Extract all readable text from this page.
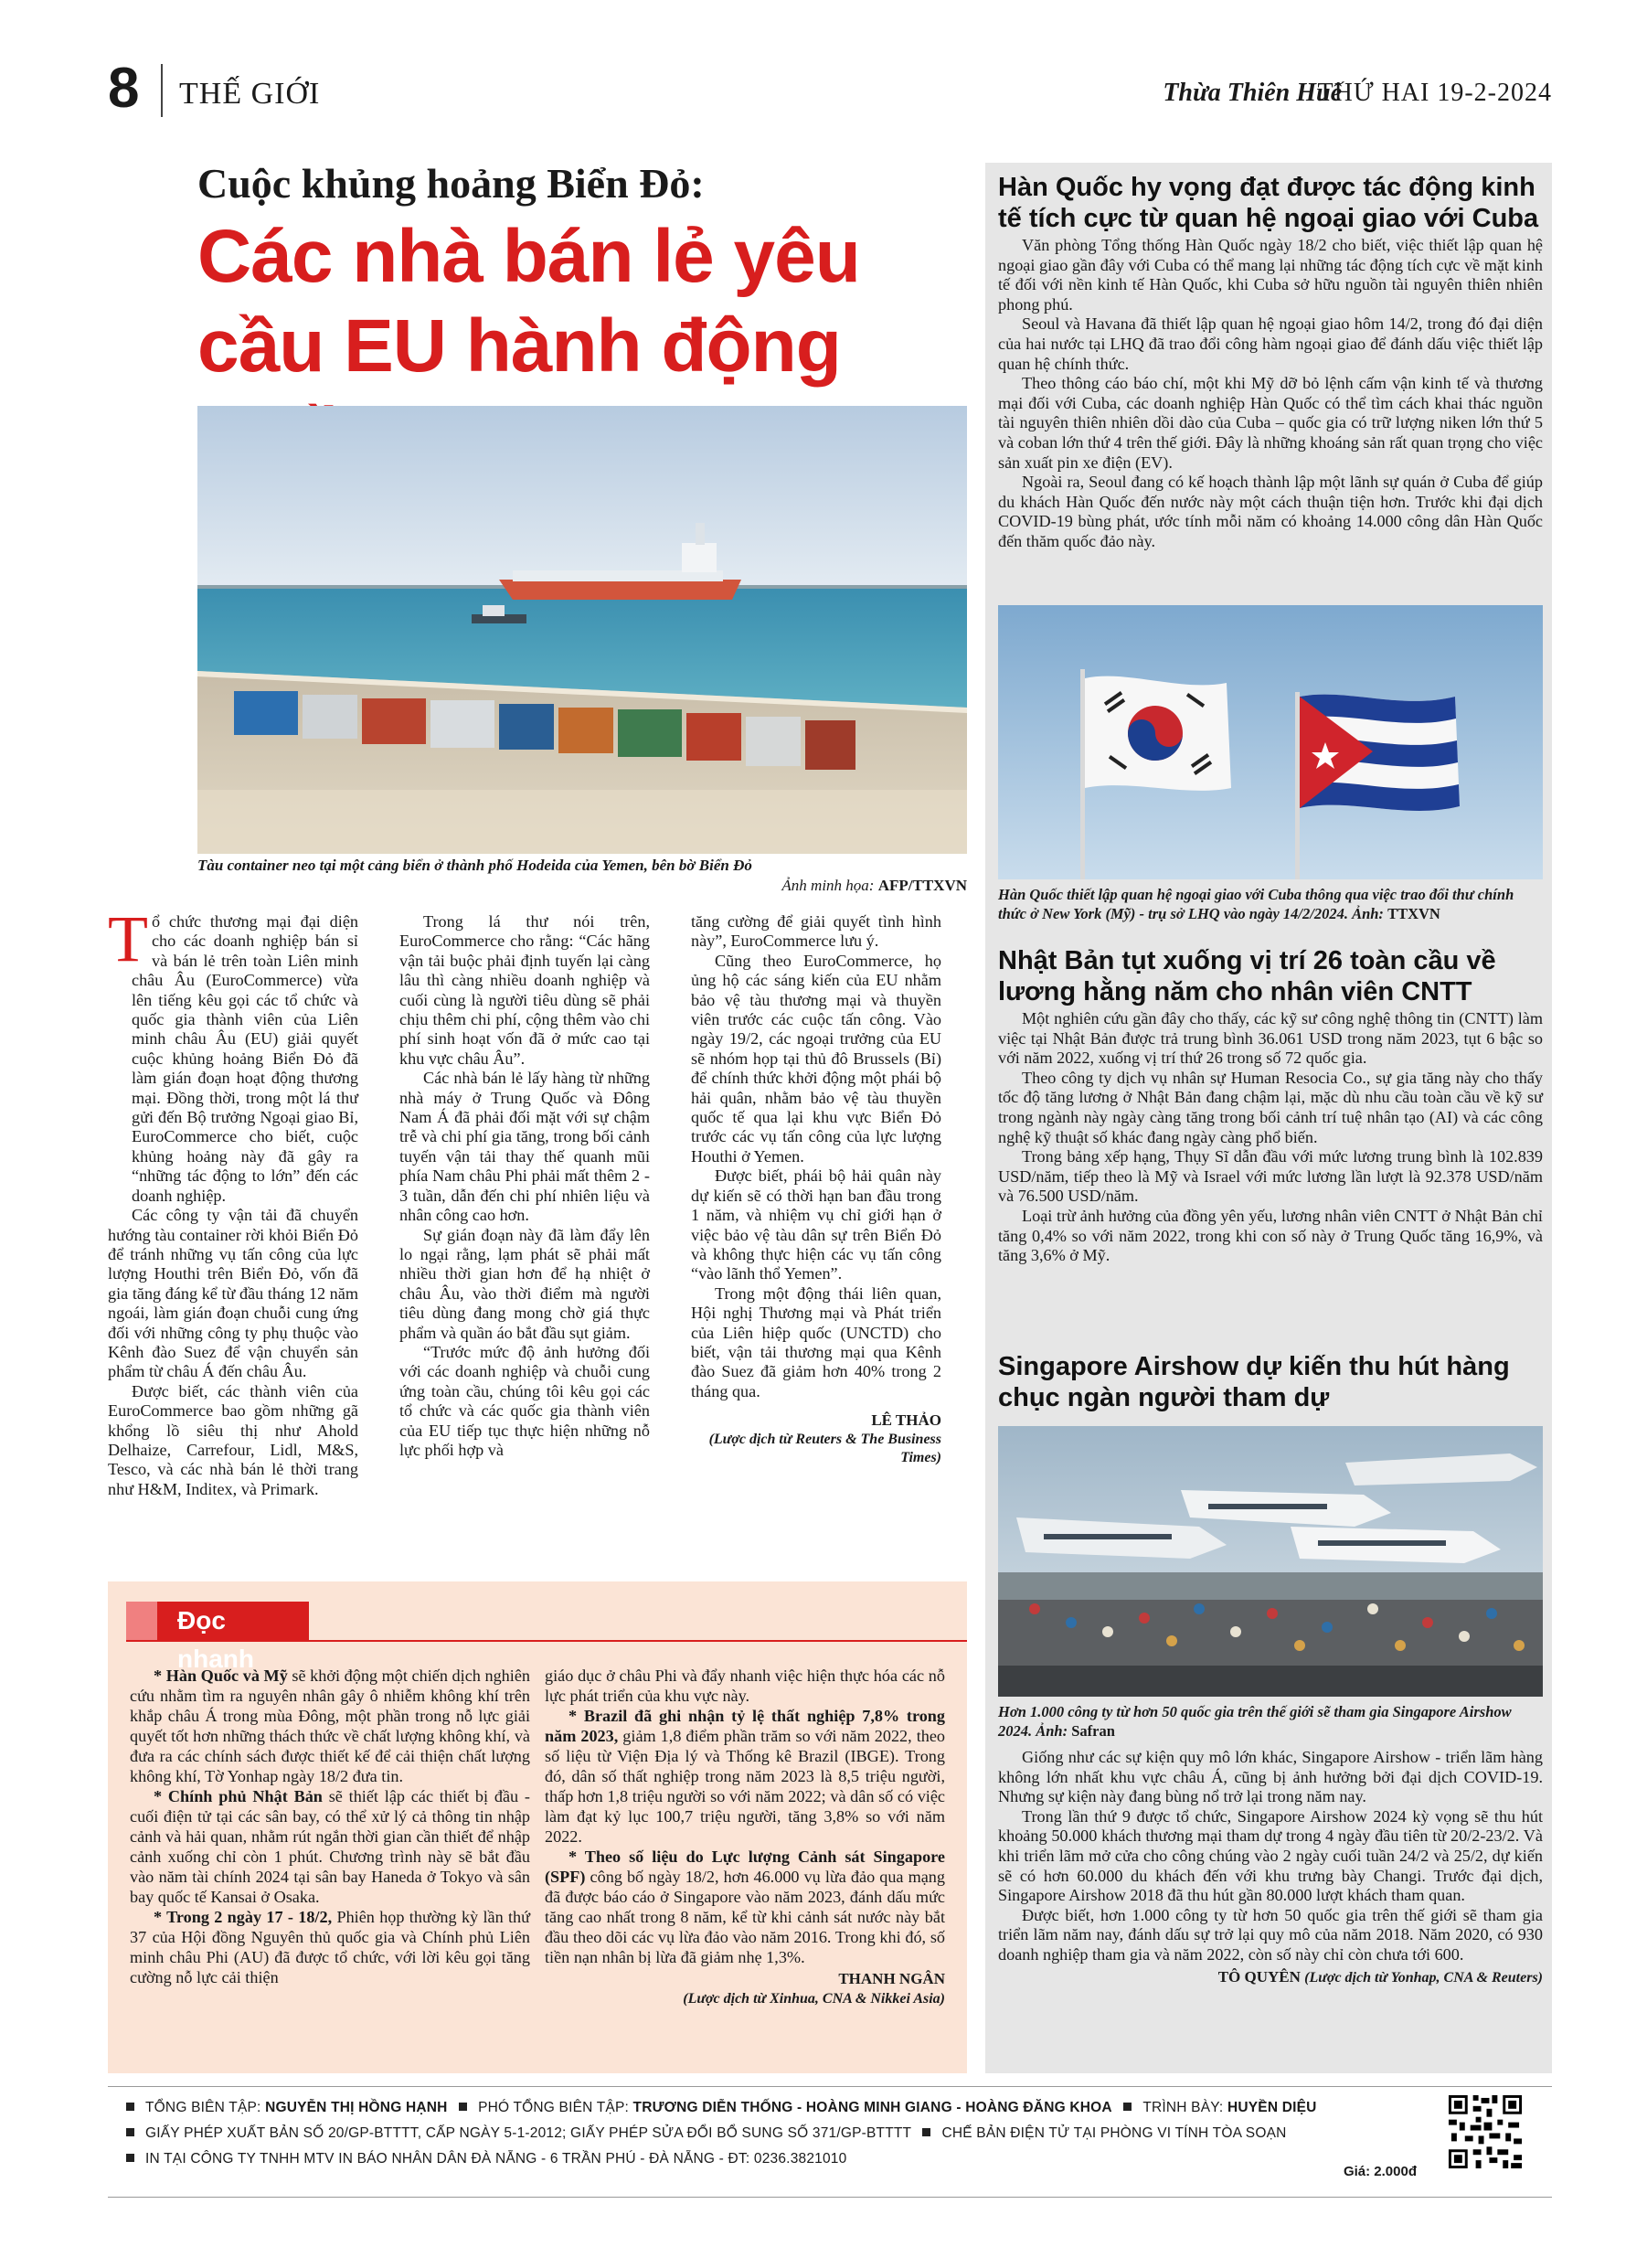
8 THẾ GIỚI	Thừa Thiên Huế
THỨ HAI 19-2-2024
Cuộc khủng hoảng Biển Đỏ:
Các nhà bán lẻ yêu cầu EU hành động
Tàu container neo tại một cảng biển ở thành phố Hodeida của Yemen, bên bờ Biển Đỏ
Ảnh minh họa: AFP/TTXVN

Tổ chức thương mại đại diện cho các doanh nghiệp bán sỉ và bán lẻ trên toàn Liên minh châu Âu (EuroCommerce) vừa lên tiếng kêu gọi các tổ chức và quốc gia thành viên của Liên minh châu Âu (EU) giải quyết cuộc khủng hoảng Biển Đỏ đã làm gián đoạn hoạt động thương mại. Đồng thời, trong một lá thư gửi đến Bộ trưởng Ngoại giao Bỉ, EuroCommerce cho biết, cuộc khủng hoảng này đã gây ra “những tác động to lớn” đến các doanh nghiệp.

Các công ty vận tải đã chuyển hướng tàu container rời khỏi Biển Đỏ để tránh những vụ tấn công của lực lượng Houthi trên Biển Đỏ, vốn đã gia tăng đáng kể từ đầu tháng 12 năm ngoái, làm gián đoạn chuỗi cung ứng đối với những công ty phụ thuộc vào Kênh đào Suez để vận chuyển sản phẩm từ châu Á đến châu Âu.

Được biết, các thành viên của EuroCommerce bao gồm những gã khổng lồ siêu thị như Ahold Delhaize, Carrefour, Lidl, M&S, Tesco, và các nhà bán lẻ thời trang như H&M, Inditex, và Primark.

Trong lá thư nói trên, EuroCommerce cho rằng: “Các hãng vận tải buộc phải định tuyến lại càng lâu thì càng nhiều doanh nghiệp và cuối cùng là người tiêu dùng sẽ phải chịu thêm chi phí, cộng thêm vào chi phí sinh hoạt vốn đã ở mức cao tại khu vực châu Âu”.

Các nhà bán lẻ lấy hàng từ những nhà máy ở Trung Quốc và Đông Nam Á đã phải đối mặt với sự chậm trễ và chi phí gia tăng, trong bối cảnh tuyến vận tải thay thế quanh mũi phía Nam châu Phi phải mất thêm 2 - 3 tuần, dẫn đến chi phí nhiên liệu và nhân công cao hơn.

Sự gián đoạn này đã làm đẩy lên lo ngại rằng, lạm phát sẽ phải mất nhiều thời gian hơn để hạ nhiệt ở châu Âu, vào thời điểm mà người tiêu dùng đang mong chờ giá thực phẩm và quần áo bắt đầu sụt giảm.

“Trước mức độ ảnh hưởng đối với các doanh nghiệp và chuỗi cung ứng toàn cầu, chúng tôi kêu gọi các tổ chức và các quốc gia thành viên của EU tiếp tục thực hiện những nỗ lực phối hợp và

tăng cường để giải quyết tình hình này”, EuroCommerce lưu ý.

Cũng theo EuroCommerce, họ ủng hộ các sáng kiến của EU nhằm bảo vệ tàu thương mại và thuyền viên trước các cuộc tấn công. Vào ngày 19/2, các ngoại trưởng của EU sẽ nhóm họp tại thủ đô Brussels (Bỉ) để chính thức khởi động một phái bộ hải quân, nhằm bảo vệ tàu thuyền quốc tế qua lại khu vực Biển Đỏ trước các vụ tấn công của lực lượng Houthi ở Yemen.

Được biết, phái bộ hải quân này dự kiến sẽ có thời hạn ban đầu trong 1 năm, và nhiệm vụ chỉ giới hạn ở việc bảo vệ tàu dân sự trên Biển Đỏ và không thực hiện các vụ tấn công “vào lãnh thổ Yemen”.

Trong một động thái liên quan, Hội nghị Thương mại và Phát triển của Liên hiệp quốc (UNCTD) cho biết, vận tải thương mại qua Kênh đào Suez đã giảm hơn 40% trong 2 tháng qua.

LÊ THẢO

(Lược dịch từ Reuters & The Business Times)

Đọc nhanh

* Hàn Quốc và Mỹ sẽ khởi động một chiến dịch nghiên cứu nhằm tìm ra nguyên nhân gây ô nhiễm không khí trên khắp châu Á trong mùa Đông, một phần trong nỗ lực giải quyết tốt hơn những thách thức về chất lượng không khí, và đưa ra các chính sách được thiết kế để cải thiện chất lượng không khí, Tờ Yonhap ngày 18/2 đưa tin.

* Chính phủ Nhật Bản sẽ thiết lập các thiết bị đầu - cuối điện tử tại các sân bay, có thể xử lý cả thông tin nhập cảnh và hải quan, nhằm rút ngắn thời gian cần thiết để nhập cảnh xuống chỉ còn 1 phút. Chương trình này sẽ bắt đầu vào năm tài chính 2024 tại sân bay Haneda ở Tokyo và sân bay quốc tế Kansai ở Osaka.

* Trong 2 ngày 17 - 18/2, Phiên họp thường kỳ lần thứ 37 của Hội đồng Nguyên thủ quốc gia và Chính phủ Liên minh châu Phi (AU) đã được tổ chức, với lời kêu gọi tăng cường nỗ lực cải thiện

giáo dục ở châu Phi và đẩy nhanh việc hiện thực hóa các nỗ lực phát triển của khu vực này.

* Brazil đã ghi nhận tỷ lệ thất nghiệp 7,8% trong năm 2023, giảm 1,8 điểm phần trăm so với năm 2022, theo số liệu từ Viện Địa lý và Thống kê Brazil (IBGE). Trong đó, dân số thất nghiệp trong năm 2023 là 8,5 triệu người, thấp hơn 1,8 triệu người so với năm 2022; và dân số có việc làm đạt kỷ lục 100,7 triệu người, tăng 3,8% so với năm 2022.

* Theo số liệu do Lực lượng Cảnh sát Singapore (SPF) công bố ngày 18/2, hơn 46.000 vụ lừa đảo qua mạng đã được báo cáo ở Singapore vào năm 2023, đánh dấu mức tăng cao nhất trong 8 năm, kể từ khi cảnh sát nước này bắt đầu theo dõi các vụ lừa đảo vào năm 2016. Trong khi đó, số tiền nạn nhân bị lừa đã giảm nhẹ 1,3%.

THANH NGÂN

(Lược dịch từ Xinhua, CNA & Nikkei Asia)

Hàn Quốc hy vọng đạt được tác động kinh tế tích cực từ quan hệ ngoại giao với Cuba

Văn phòng Tổng thống Hàn Quốc ngày 18/2 cho biết, việc thiết lập quan hệ ngoại giao gần đây với Cuba có thể mang lại những tác động tích cực về mặt kinh tế đối với nền kinh tế Hàn Quốc, khi Cuba sở hữu nguồn tài nguyên thiên nhiên phong phú.

Seoul và Havana đã thiết lập quan hệ ngoại giao hôm 14/2, trong đó đại diện của hai nước tại LHQ đã trao đổi công hàm ngoại giao để đánh dấu việc thiết lập quan hệ chính thức.

Theo thông cáo báo chí, một khi Mỹ dỡ bỏ lệnh cấm vận kinh tế và thương mại đối với Cuba, các doanh nghiệp Hàn Quốc có thể tìm cách khai thác nguồn tài nguyên thiên nhiên dồi dào của Cuba – quốc gia có trữ lượng niken lớn thứ 5 và coban lớn thứ 4 trên thế giới. Đây là những khoáng sản rất quan trọng cho việc sản xuất pin xe điện (EV).

Ngoài ra, Seoul đang có kế hoạch thành lập một lãnh sự quán ở Cuba để giúp du khách Hàn Quốc đến nước này một cách thuận tiện hơn. Trước khi đại dịch COVID-19 bùng phát, ước tính mỗi năm có khoảng 14.000 công dân Hàn Quốc đến thăm quốc đảo này.

Hàn Quốc thiết lập quan hệ ngoại giao với Cuba thông qua việc trao đổi thư chính thức ở New York (Mỹ) - trụ sở LHQ vào ngày 14/2/2024. Ảnh: TTXVN
Nhật Bản tụt xuống vị trí 26 toàn cầu về lương hằng năm cho nhân viên CNTT

Một nghiên cứu gần đây cho thấy, các kỹ sư công nghệ thông tin (CNTT) làm việc tại Nhật Bản được trả trung bình 36.061 USD trong năm 2023, tụt 6 bậc so với năm 2022, xuống vị trí thứ 26 trong số 72 quốc gia.

Theo công ty dịch vụ nhân sự Human Resocia Co., sự gia tăng này cho thấy tốc độ tăng lương ở Nhật Bản đang chậm lại, mặc dù nhu cầu toàn cầu về kỹ sư trong ngành này ngày càng tăng trong bối cảnh trí tuệ nhân tạo (AI) và các công nghệ kỹ thuật số khác đang ngày càng phổ biến.

Trong bảng xếp hạng, Thụy Sĩ dẫn đầu với mức lương trung bình là 102.839 USD/năm, tiếp theo là Mỹ và Israel với mức lương lần lượt là 92.378 USD/năm và 76.500 USD/năm.

Loại trừ ảnh hưởng của đồng yên yếu, lương nhân viên CNTT ở Nhật Bản chỉ tăng 0,4% so với năm 2022, trong khi con số này ở Trung Quốc tăng 16,9%, và tăng 3,6% ở Mỹ.

Singapore Airshow dự kiến thu hút hàng chục ngàn người tham dự
Hơn 1.000 công ty từ hơn 50 quốc gia trên thế giới sẽ tham gia Singapore Airshow 2024. Ảnh: Safran

Giống như các sự kiện quy mô lớn khác, Singapore Airshow - triển lãm hàng không lớn nhất khu vực châu Á, cũng bị ảnh hưởng bởi đại dịch COVID-19. Nhưng sự kiện này đang bùng nổ trở lại trong năm nay.

Trong lần thứ 9 được tổ chức, Singapore Airshow 2024 kỳ vọng sẽ thu hút khoảng 50.000 khách thương mại tham dự trong 4 ngày đầu tiên từ 20/2-23/2. Và khi triển lãm mở cửa cho công chúng vào 2 ngày cuối tuần 24/2 và 25/2, dự kiến sẽ có hơn 60.000 du khách đến với khu trưng bày Changi. Trước đại dịch, Singapore Airshow 2018 đã thu hút gần 80.000 lượt khách tham quan.

Được biết, hơn 1.000 công ty từ hơn 50 quốc gia trên thế giới sẽ tham gia triển lãm năm nay, đánh dấu sự trở lại quy mô của năm 2018. Năm 2020, có 930 doanh nghiệp tham gia và năm 2022, còn số này chỉ còn chưa tới 600.

TÔ QUYÊN (Lược dịch từ Yonhap, CNA & Reuters)

TỔNG BIÊN TẬP: NGUYỄN THỊ HỒNG HẠNH PHÓ TỔNG BIÊN TẬP: TRƯƠNG DIỄN THỐNG - HOÀNG MINH GIANG - HOÀNG ĐĂNG KHOA TRÌNH BÀY: HUYỀN DIỆU
GIẤY PHÉP XUẤT BẢN SỐ 20/GP-BTTTT, CẤP NGÀY 5-1-2012; GIẤY PHÉP SỬA ĐỔI BỔ SUNG SỐ 371/GP-BTTTT CHẾ BẢN ĐIỆN TỬ TẠI PHÒNG VI TÍNH TÒA SOẠN
IN TẠI CÔNG TY TNHH MTV IN BÁO NHÂN DÂN ĐÀ NẴNG - 6 TRẦN PHÚ - ĐÀ NẴNG - ĐT: 0236.3821010
Giá: 2.000đ
